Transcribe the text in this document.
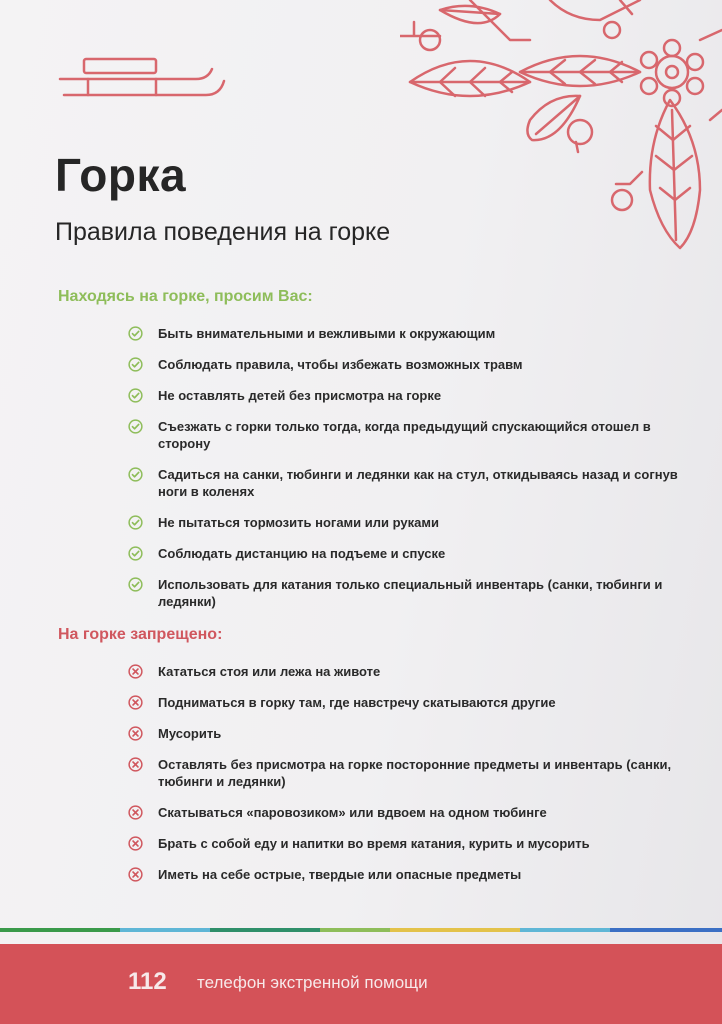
Горка
Правила поведения на горке
Находясь на горке, просим Вас:
Быть внимательными и вежливыми к окружающим
Соблюдать правила, чтобы избежать возможных травм
Не оставлять детей без присмотра на горке
Съезжать с горки только тогда, когда предыдущий спускающийся отошел в сторону
Садиться на санки, тюбинги и ледянки как на стул, откидываясь назад и согнув ноги в коленях
Не пытаться тормозить ногами или руками
Соблюдать дистанцию на подъеме и спуске
Использовать для катания только специальный инвентарь (санки, тюбинги и ледянки)
На горке запрещено:
Кататься стоя или лежа на животе
Подниматься в горку там, где навстречу скатываются другие
Мусорить
Оставлять без присмотра на горке посторонние предметы и инвентарь (санки, тюбинги и ледянки)
Скатываться «паровозиком» или вдвоем на одном тюбинге
Брать с собой еду и напитки во время катания, курить и мусорить
Иметь на себе острые, твердые или опасные предметы
112 телефон экстренной помощи
